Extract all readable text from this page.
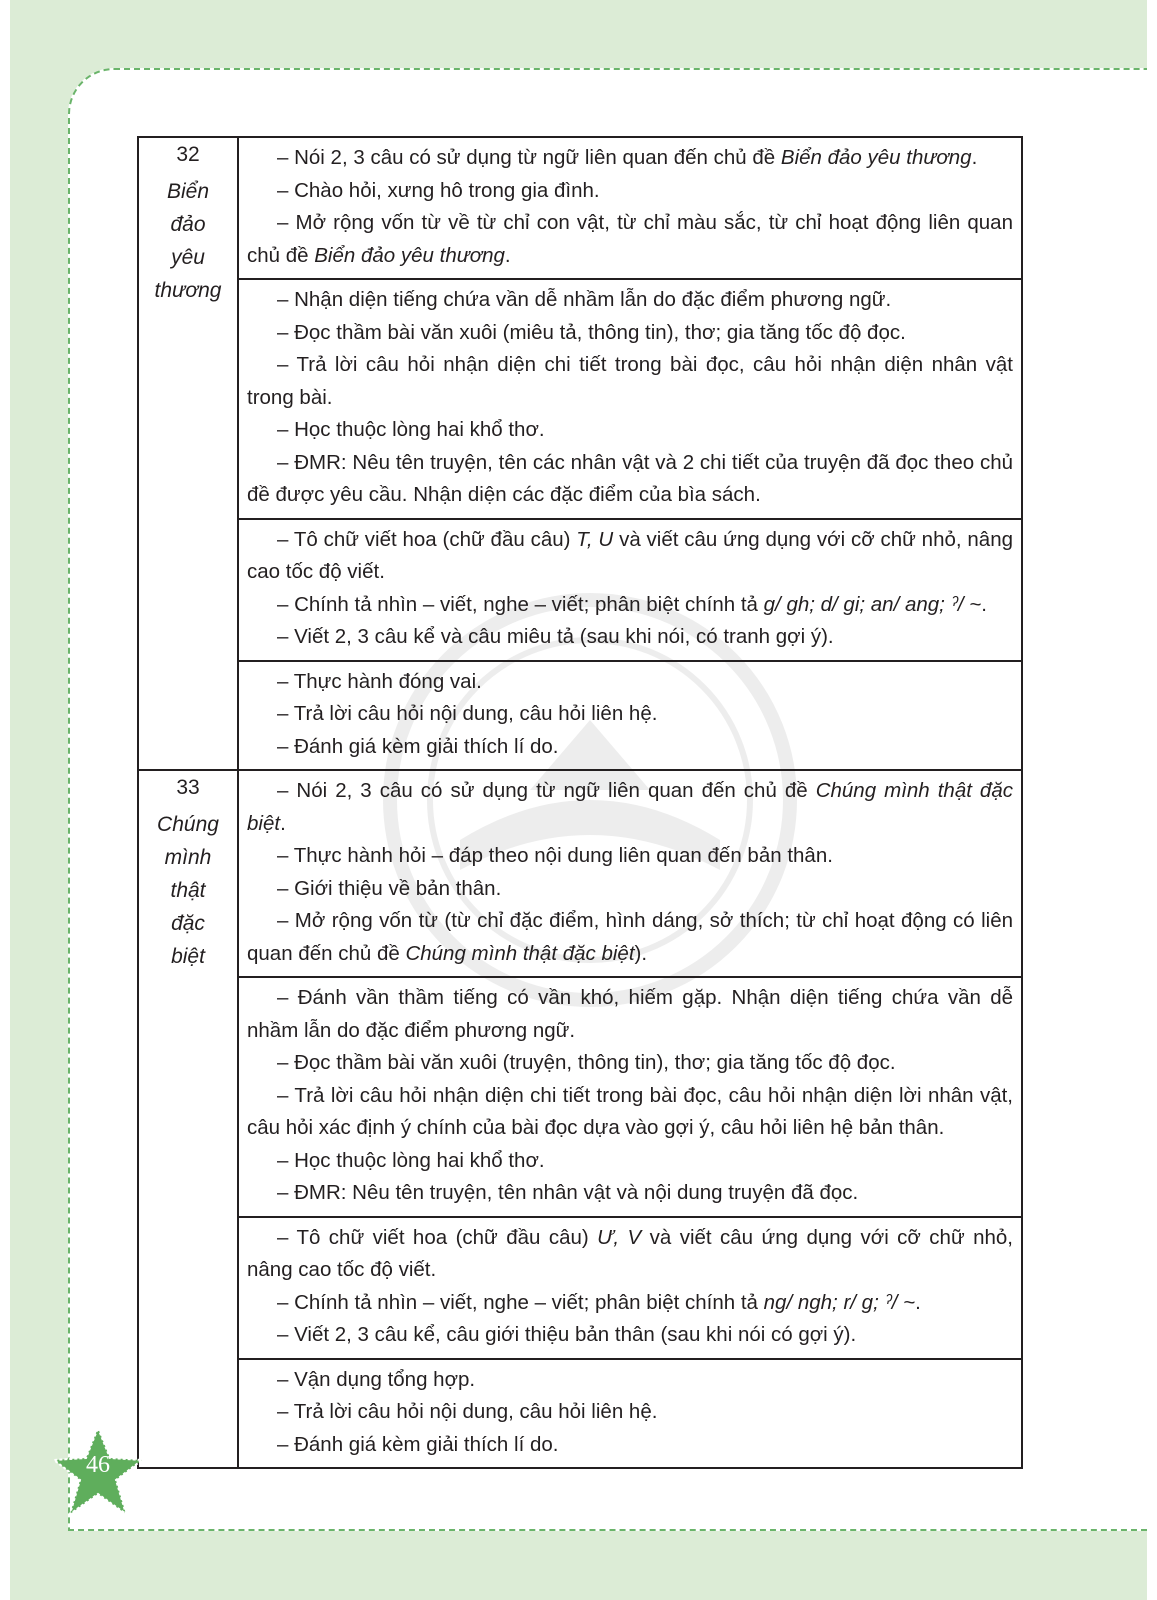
32
Biển đảo yêu thương	– Nói 2, 3 câu có sử dụng từ ngữ liên quan đến chủ đề Biển đảo yêu thương.
– Chào hỏi, xưng hô trong gia đình.
– Mở rộng vốn từ về từ chỉ con vật, từ chỉ màu sắc, từ chỉ hoạt động liên quan chủ đề Biển đảo yêu thương.

	– Nhận diện tiếng chứa vần dễ nhầm lẫn do đặc điểm phương ngữ.
– Đọc thầm bài văn xuôi (miêu tả, thông tin), thơ; gia tăng tốc độ đọc.
– Trả lời câu hỏi nhận diện chi tiết trong bài đọc, câu hỏi nhận diện nhân vật trong bài.
– Học thuộc lòng hai khổ thơ.
– ĐMR: Nêu tên truyện, tên các nhân vật và 2 chi tiết của truyện đã đọc theo chủ đề được yêu cầu. Nhận diện các đặc điểm của bìa sách.

	– Tô chữ viết hoa (chữ đầu câu) T, U và viết câu ứng dụng với cỡ chữ nhỏ, nâng cao tốc độ viết.
– Chính tả nhìn – viết, nghe – viết; phân biệt chính tả g/ gh; d/ gi; an/ ang; ˀ/ ~.
– Viết 2, 3 câu kể và câu miêu tả (sau khi nói, có tranh gợi ý).

	– Thực hành đóng vai.
– Trả lời câu hỏi nội dung, câu hỏi liên hệ.
– Đánh giá kèm giải thích lí do.

33
Chúng mình thật đặc biệt	– Nói 2, 3 câu có sử dụng từ ngữ liên quan đến chủ đề Chúng mình thật đặc biệt.
– Thực hành hỏi – đáp theo nội dung liên quan đến bản thân.
– Giới thiệu về bản thân.
– Mở rộng vốn từ (từ chỉ đặc điểm, hình dáng, sở thích; từ chỉ hoạt động có liên quan đến chủ đề Chúng mình thật đặc biệt).

	– Đánh vần thầm tiếng có vần khó, hiếm gặp. Nhận diện tiếng chứa vần dễ nhầm lẫn do đặc điểm phương ngữ.
– Đọc thầm bài văn xuôi (truyện, thông tin), thơ; gia tăng tốc độ đọc.
– Trả lời câu hỏi nhận diện chi tiết trong bài đọc, câu hỏi nhận diện lời nhân vật, câu hỏi xác định ý chính của bài đọc dựa vào gợi ý, câu hỏi liên hệ bản thân.
– Học thuộc lòng hai khổ thơ.
– ĐMR: Nêu tên truyện, tên nhân vật và nội dung truyện đã đọc.

	– Tô chữ viết hoa (chữ đầu câu) Ư, V và viết câu ứng dụng với cỡ chữ nhỏ, nâng cao tốc độ viết.
– Chính tả nhìn – viết, nghe – viết; phân biệt chính tả ng/ ngh; r/ g; ˀ/ ~.
– Viết 2, 3 câu kể, câu giới thiệu bản thân (sau khi nói có gợi ý).

	– Vận dụng tổng hợp.
– Trả lời câu hỏi nội dung, câu hỏi liên hệ.
– Đánh giá kèm giải thích lí do.
46
